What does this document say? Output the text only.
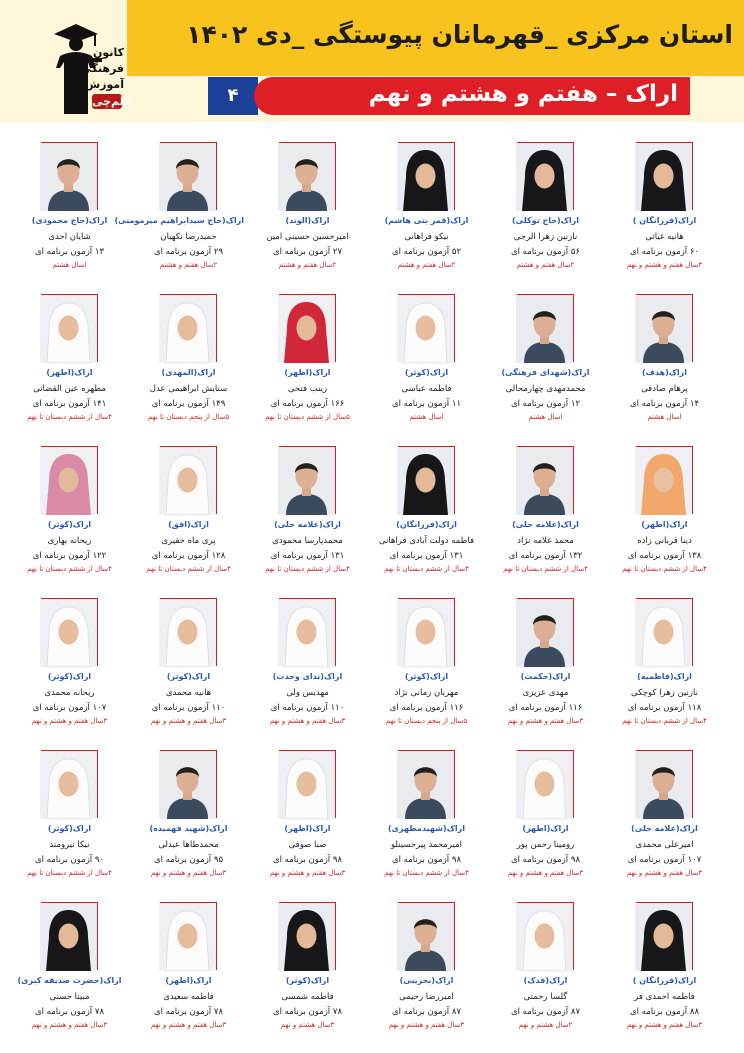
کانون
فرهنگی
آموزش
قلم‌چی
استان مرکزی _قهرمانان پیوستگی _دی ۱۴۰۲
۴	اراک – هفتم و هشتم و نهم
اراک(فرزانگان )
هانیه غیاثی
۶۰ آزمون برنامه ای
۳سال هفتم و هشتم و نهم
اراک(حاج توکلی)
نازنین زهرا الرجی
۵۶ آزمون برنامه ای
۲سال هفتم و هشتم
اراک(قمر بنی هاشم)
نیکو فراهانی
۵۲ آزمون برنامه ای
۲سال هفتم و هشتم
اراک(الوند)
امیرحسین حسینی امین
۲۷ آزمون برنامه ای
۲سال هفتم و هشتم
اراک(حاج سیدابراهیم میرمومنی)
حمیدرضا نکهبان
۲۹ آزمون برنامه ای
۲سال هفتم و هشتم
اراک(حاج محمودی)
شایان احدی
۱۳ آزمون برنامه ای
اسال هشتم
اراک(هدف)
پرهام صادقی
۱۴ آزمون برنامه ای
اسال هشتم
اراک(شهدای فرهنگی)
محمدمهدی چهارمحالی
۱۲ آزمون برنامه ای
اسال هشتم
اراک(کوثر)
فاطمه عباسی
۱۱ آزمون برنامه ای
اسال هشتم
اراک(اطهر)
زینب فتحی
۱۶۶ آزمون برنامه ای
۵سال از ششم دبستان تا نهم
اراک(المهدی)
ستایش ابراهیمی عدل
۱۴۹ آزمون برنامه ای
۵سال از پنجم دبستان تا نهم
اراک(اطهر)
مطهره عین القضاتی
۱۴۱ آزمون برنامه ای
۴سال از ششم دبستان تا نهم
اراک(اطهر)
دینا قربانی زاده
۱۳۸ آزمون برنامه ای
۴سال از ششم دبستان تا نهم
اراک(علامه حلی)
محمد غلامه نژاد
۱۳۲ آزمون برنامه ای
۴سال از ششم دبستان تا نهم
اراک(فرزانگان)
فاطمه دولت آبادی فراهانی
۱۳۱ آزمون برنامه ای
۴سال از ششم دبستان تا نهم
اراک(علامه حلی)
محمدپارسا محمودی
۱۳۱ آزمون برنامه ای
۴سال از ششم دبستان تا نهم
اراک(افق)
پری ماه حقیری
۱۲۸ آزمون برنامه ای
۴سال از ششم دبستان تا نهم
اراک(کوثر)
ریحانه بهاری
۱۲۲ آزمون برنامه ای
۴سال از ششم دبستان تا نهم
اراک(فاطمیه)
نازنین زهرا کوچکی
۱۱۸ آزمون برنامه ای
۴سال از ششم دبستان تا نهم
اراک(حکمت)
مهدی عزیزی
۱۱۶ آزمون برنامه ای
۳سال هفتم و هشتم و نهم
اراک(کوثر)
مهربان زمانی نژاد
۱۱۶ آزمون برنامه ای
۵سال از پنجم دبستان تا نهم
اراک(ندای وحدت)
مهدیس ولی
۱۱۰ آزمون برنامه ای
۳سال هفتم و هشتم و نهم
اراک(کوثر)
هانیه محمدی
۱۱۰ آزمون برنامه ای
۳سال هفتم و هشتم و نهم
اراک(کوثر)
ریحانه محمدی
۱۰۷ آزمون برنامه ای
۳سال هفتم و هشتم و نهم
اراک(علامه حلی)
امیرعلی محمدی
۱۰۷ آزمون برنامه ای
۳سال هفتم و هشتم و نهم
اراک(اطهر)
رومینا رحمن پور
۹۸ آزمون برنامه ای
۳سال هفتم و هشتم و نهم
اراک(شهیدمطهری)
امیرمحمد پیرحسینلو
۹۸ آزمون برنامه ای
۴سال از ششم دبستان تا نهم
اراک(اطهر)
صبا صوفی
۹۸ آزمون برنامه ای
۳سال هفتم و هشتم و نهم
اراک(شهید فهمیده)
محمدطاها عبدلی
۹۵ آزمون برنامه ای
۳سال هفتم و هشتم و نهم
اراک(کوثر)
نیکا نیرومند
۹۰ آزمون برنامه ای
۴سال از ششم دبستان تا نهم
اراک(فرزانگان )
فاطمه احمدی فر
۸۸ آزمون برنامه ای
۳سال هفتم و هشتم و نهم
اراک(فدک)
گلسا رحمتی
۸۷ آزمون برنامه ای
۲سال هشتم و نهم
اراک(بحرینی)
امیررضا رحیمی
۸۷ آزمون برنامه ای
۳سال هفتم و هشتم و نهم
اراک(کوثر)
فاطمه شمسی
۷۸ آزمون برنامه ای
۳سال هشتم و نهم
اراک(اطهر)
فاطمه سعیدی
۷۸ آزمون برنامه ای
۳سال هفتم و هشتم و نهم
اراک(حضرت صدیقه کبری)
مبینا حسنی
۷۸ آزمون برنامه ای
۳سال هفتم و هشتم و نهم
